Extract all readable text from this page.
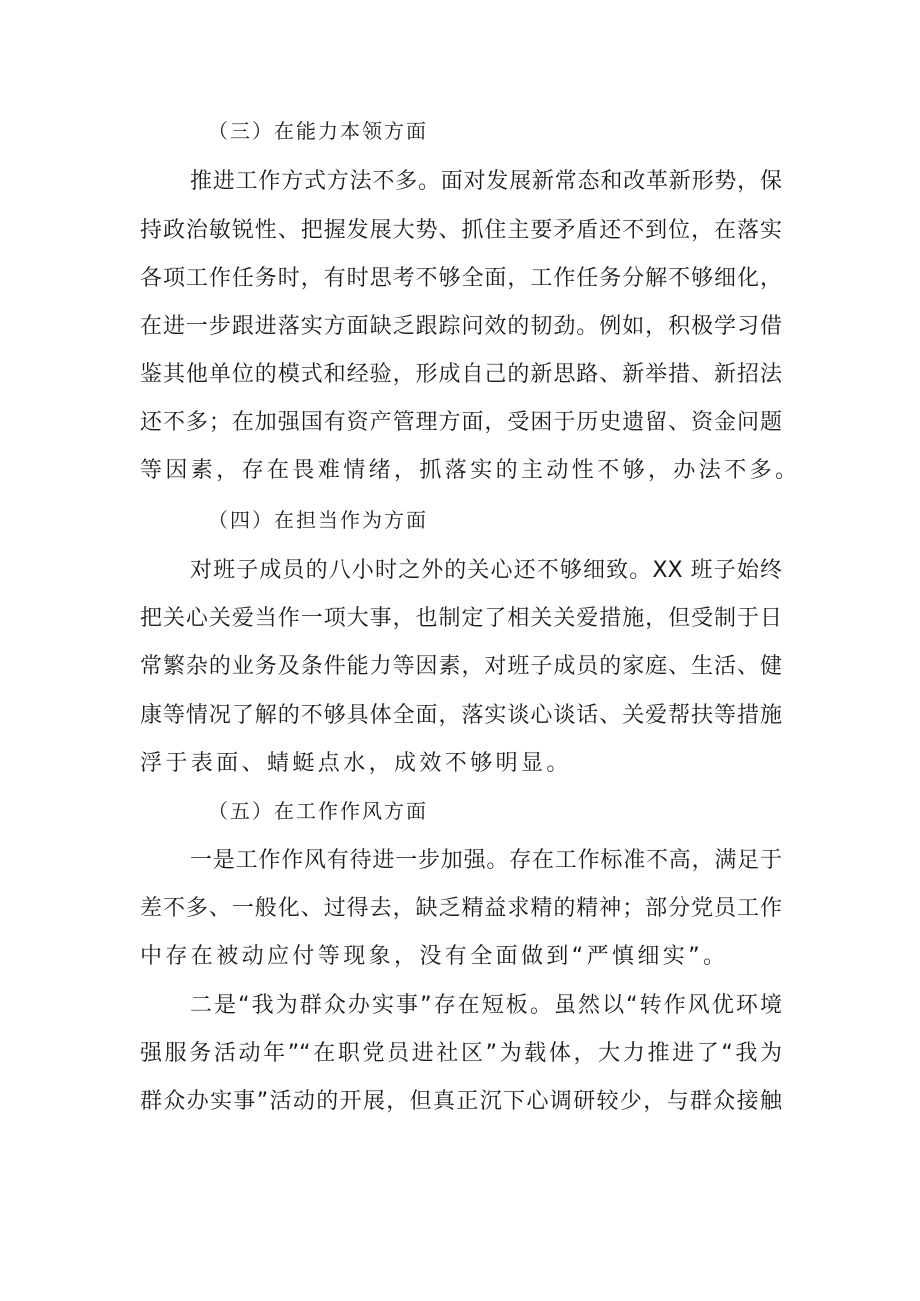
（三）在能力本领方面
推进工作方式方法不多。面对发展新常态和改革新形势，保
持政治敏锐性、把握发展大势、抓住主要矛盾还不到位，在落实
各项工作任务时，有时思考不够全面，工作任务分解不够细化，
在进一步跟进落实方面缺乏跟踪问效的韧劲。例如，积极学习借
鉴其他单位的模式和经验，形成自己的新思路、新举措、新招法
还不多；在加强国有资产管理方面，受困于历史遗留、资金问题
等因素，存在畏难情绪，抓落实的主动性不够，办法不多。
（四）在担当作为方面
对班子成员的八小时之外的关心还不够细致。XX 班子始终
把关心关爱当作一项大事，也制定了相关关爱措施，但受制于日
常繁杂的业务及条件能力等因素，对班子成员的家庭、生活、健
康等情况了解的不够具体全面，落实谈心谈话、关爱帮扶等措施
浮于表面、蜻蜓点水，成效不够明显。
（五）在工作作风方面
一是工作作风有待进一步加强。存在工作标准不高，满足于
差不多、一般化、过得去，缺乏精益求精的精神；部分党员工作
中存在被动应付等现象，没有全面做到“严慎细实”。
二是“我为群众办实事”存在短板。虽然以“转作风优环境
强服务活动年”“在职党员进社区”为载体，大力推进了“我为
群众办实事”活动的开展，但真正沉下心调研较少，与群众接触
